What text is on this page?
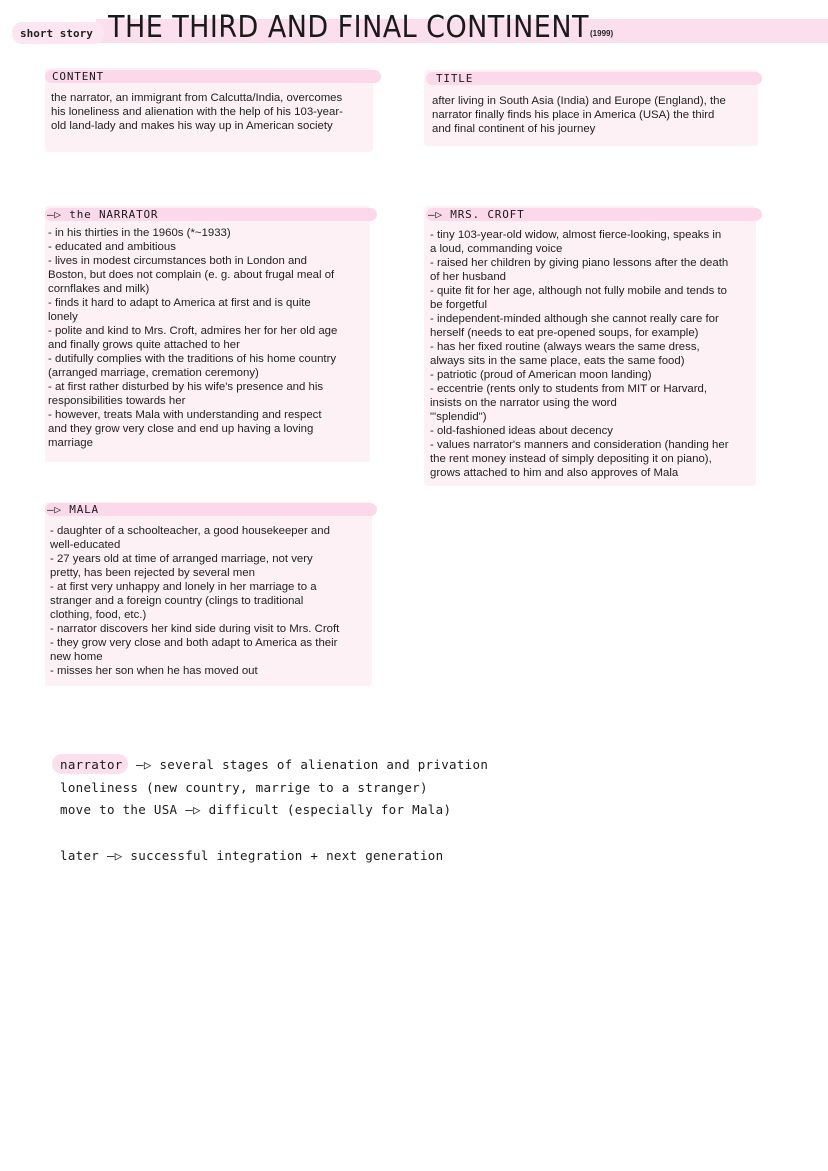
short story THE THIRD AND FINAL CONTINENT (1999)
CONTENT
the narrator, an immigrant from Calcutta/India, overcomes
his loneliness and alienation with the help of his 103-year-
old land-lady and makes his way up in American society
TITLE
after living in South Asia (India) and Europe (England), the
narrator finally finds his place in America (USA) the third
and final continent of his journey
–▷ the NARRATOR
- in his thirties in the 1960s (*~1933)
- educated and ambitious
- lives in modest circumstances both in London and
Boston, but does not complain (e. g. about frugal meal of
cornflakes and milk)
- finds it hard to adapt to America at first and is quite
lonely
- polite and kind to Mrs. Croft, admires her for her old age
and finally grows quite attached to her
- dutifully complies with the traditions of his home country
(arranged marriage, cremation ceremony)
- at first rather disturbed by his wife's presence and his
responsibilities towards her
- however, treats Mala with understanding and respect
and they grow very close and end up having a loving
marriage
–▷ MRS. CROFT
- tiny 103-year-old widow, almost fierce-looking, speaks in
a loud, commanding voice
- raised her children by giving piano lessons after the death
of her husband
- quite fit for her age, although not fully mobile and tends to
be forgetful
- independent-minded although she cannot really care for
herself (needs to eat pre-opened soups, for example)
- has her fixed routine (always wears the same dress,
always sits in the same place, eats the same food)
- patriotic (proud of American moon landing)
- eccentrie (rents only to students from MIT or Harvard,
insists on the narrator using the word
"'splendid")
- old-fashioned ideas about decency
- values narrator's manners and consideration (handing her
the rent money instead of simply depositing it on piano),
grows attached to him and also approves of Mala
–▷ MALA
- daughter of a schoolteacher, a good housekeeper and
well-educated
- 27 years old at time of arranged marriage, not very
pretty, has been rejected by several men
- at first very unhappy and lonely in her marriage to a
stranger and a foreign country (clings to traditional
clothing, food, etc.)
- narrator discovers her kind side during visit to Mrs. Croft
- they grow very close and both adapt to America as their
new home
- misses her son when he has moved out
narrator –▷ several stages of alienation and privation
loneliness (new country, marrige to a stranger)
move to the USA –▷ difficult (especially for Mala)
later –▷ successful integration + next generation
